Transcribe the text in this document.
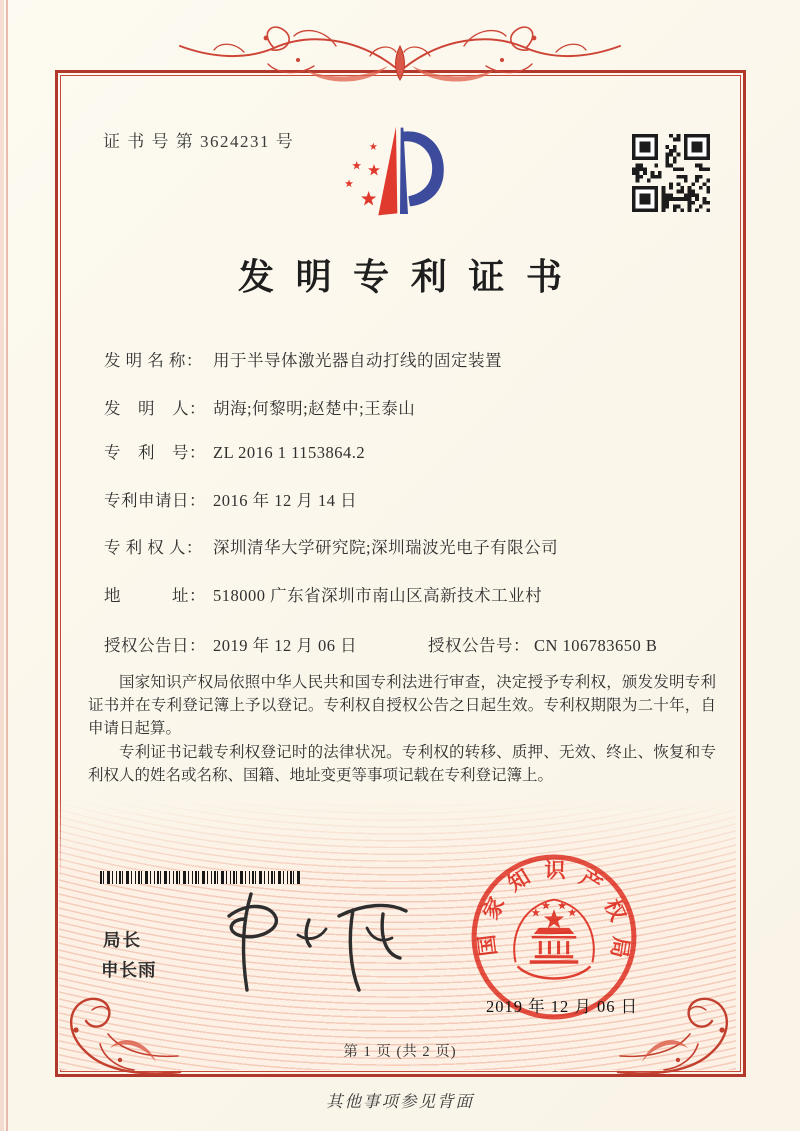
证 书 号 第 3624231 号
发明专利证书
发 明 名 称： 用于半导体激光器自动打线的固定装置
发　明　人： 胡海;何黎明;赵楚中;王泰山
专　利　号： ZL 2016 1 1153864.2
专利申请日： 2016 年 12 月 14 日
专 利 权 人： 深圳清华大学研究院;深圳瑞波光电子有限公司
地　　　址： 518000 广东省深圳市南山区高新技术工业村
授权公告日： 2019 年 12 月 06 日	授权公告号： CN 106783650 B

国家知识产权局依照中华人民共和国专利法进行审查，决定授予专利权，颁发发明专利证书并在专利登记簿上予以登记。专利权自授权公告之日起生效。专利权期限为二十年，自申请日起算。

专利证书记载专利权登记时的法律状况。专利权的转移、质押、无效、终止、恢复和专利权人的姓名或名称、国籍、地址变更等事项记载在专利登记簿上。

局长
申长雨
国家知识产权局
2019 年 12 月 06 日
第 1 页 (共 2 页)
其他事项参见背面
